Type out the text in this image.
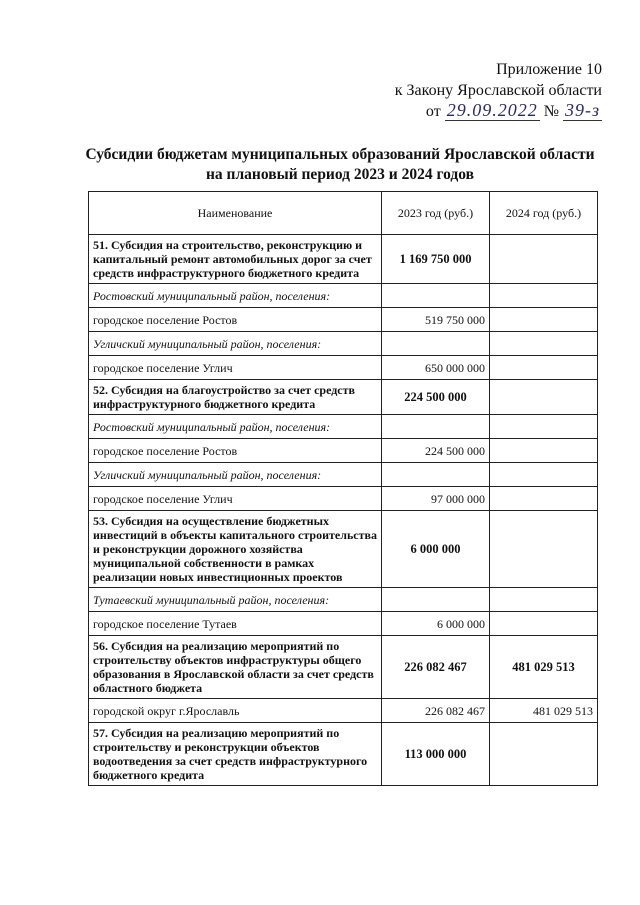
Приложение 10
к Закону Ярославской области
от 29.09.2022 № 39-з
Субсидии бюджетам муниципальных образований Ярославской области
на плановый период 2023 и 2024 годов
Наименование	2023 год (руб.)	2024 год (руб.)
51. Субсидия на строительство, реконструкцию и капитальный ремонт автомобильных дорог за счет средств инфраструктурного бюджетного кредита	1 169 750 000	
Ростовский муниципальный район, поселения:		
городское поселение Ростов	519 750 000	
Угличский муниципальный район, поселения:		
городское поселение Углич	650 000 000	
52. Субсидия на благоустройство за счет средств инфраструктурного бюджетного кредита	224 500 000	
Ростовский муниципальный район, поселения:		
городское поселение Ростов	224 500 000	
Угличский муниципальный район, поселения:		
городское поселение Углич	97 000 000	
53. Субсидия на осуществление бюджетных инвестиций в объекты капитального строительства и реконструкции дорожного хозяйства муниципальной собственности в рамках реализации новых инвестиционных проектов	6 000 000	
Тутаевский муниципальный район, поселения:		
городское поселение Тутаев	6 000 000	
56. Субсидия на реализацию мероприятий по строительству объектов инфраструктуры общего образования в Ярославской области за счет средств областного бюджета	226 082 467	481 029 513
городской округ г.Ярославль	226 082 467	481 029 513
57. Субсидия на реализацию мероприятий по строительству и реконструкции объектов водоотведения за счет средств инфраструктурного бюджетного кредита	113 000 000	
